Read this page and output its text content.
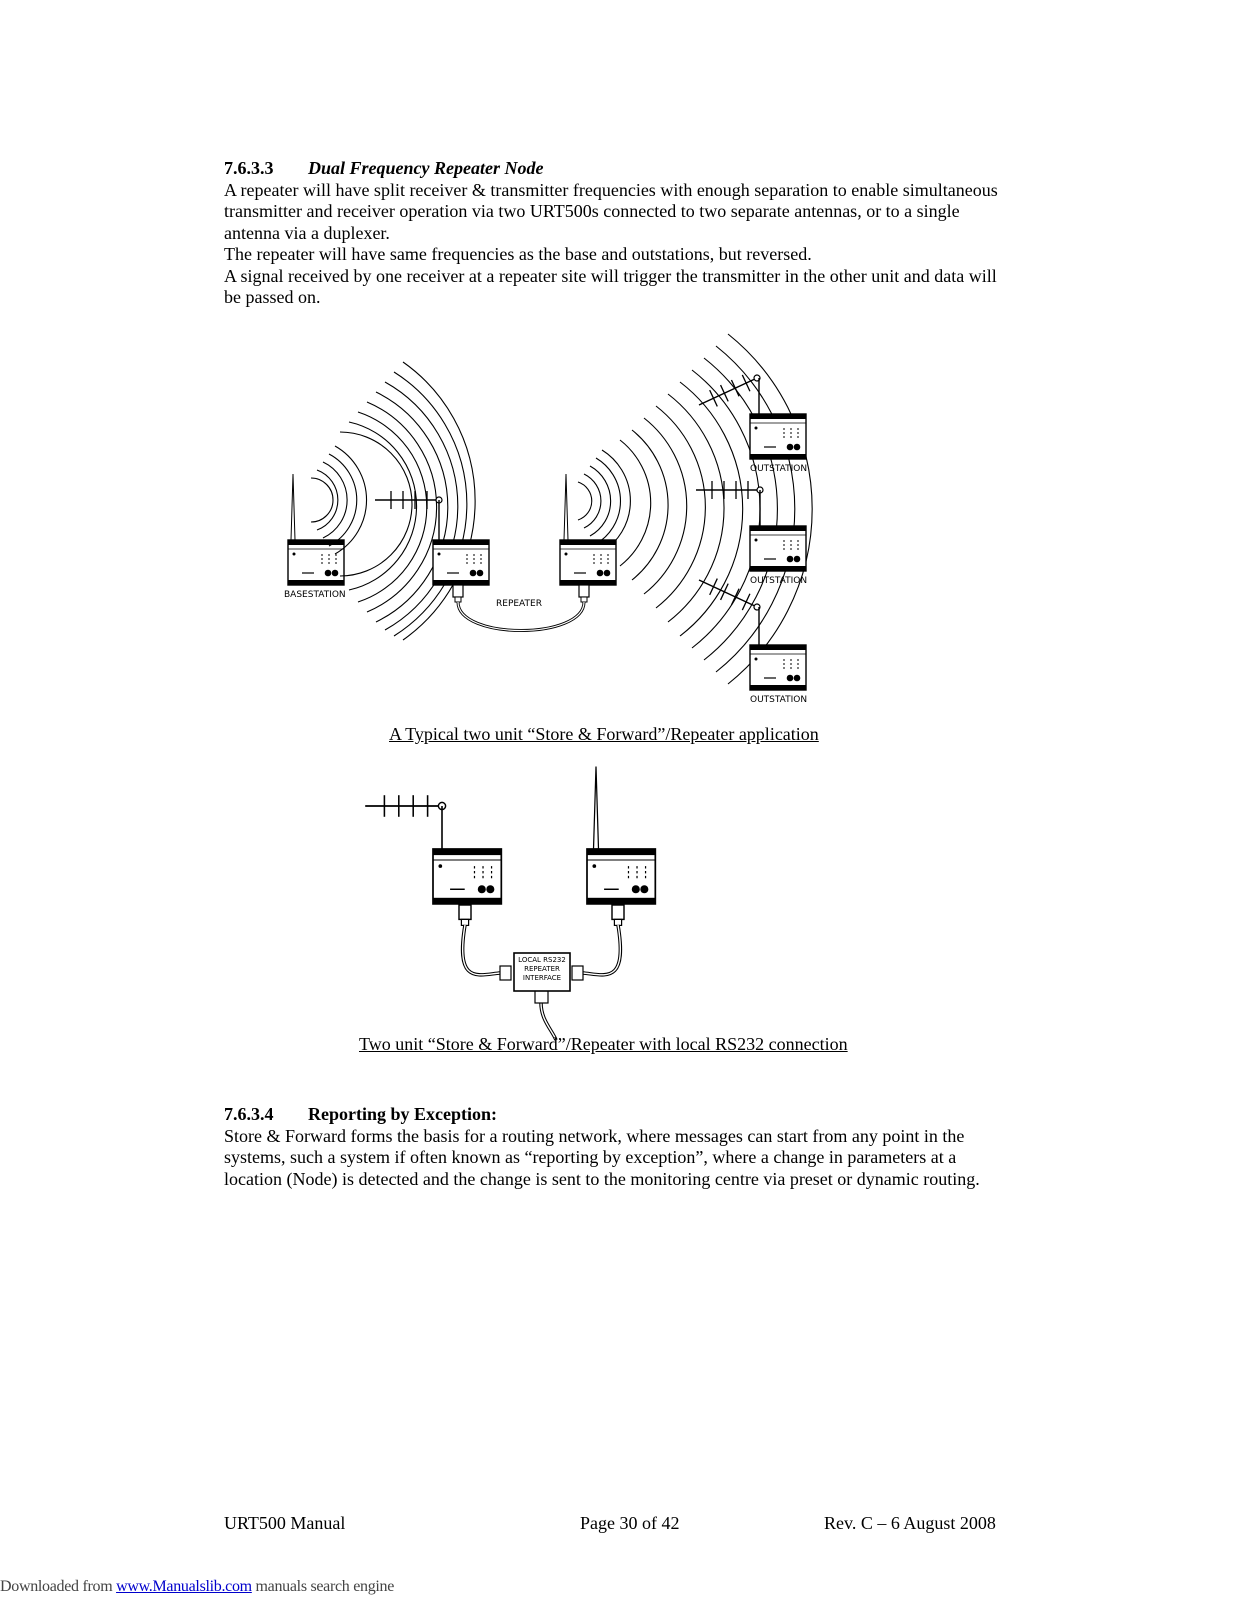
7.6.3.3 Dual Frequency Repeater Node

A repeater will have split receiver & transmitter frequencies with enough separation to enable simultaneous transmitter and receiver operation via two URT500s connected to two separate antennas, or to a single antenna via a duplexer.

The repeater will have same frequencies as the base and outstations, but reversed.

A signal received by one receiver at a repeater site will trigger the transmitter in the other unit and data will be passed on.

BASESTATION
REPEATER
OUTSTATION
OUTSTATION
OUTSTATION
LOCAL RS232
REPEATER
INTERFACE
A Typical two unit “Store & Forward”/Repeater application
Two unit “Store & Forward”/Repeater with local RS232 connection
7.6.3.4 Reporting by Exception:

Store & Forward forms the basis for a routing network, where messages can start from any point in the systems, such a system if often known as “reporting by exception”, where a change in parameters at a location (Node) is detected and the change is sent to the monitoring centre via preset or dynamic routing.

URT500 Manual	Page 30 of 42	Rev. C – 6 August 2008
Downloaded from www.Manualslib.com manuals search engine
